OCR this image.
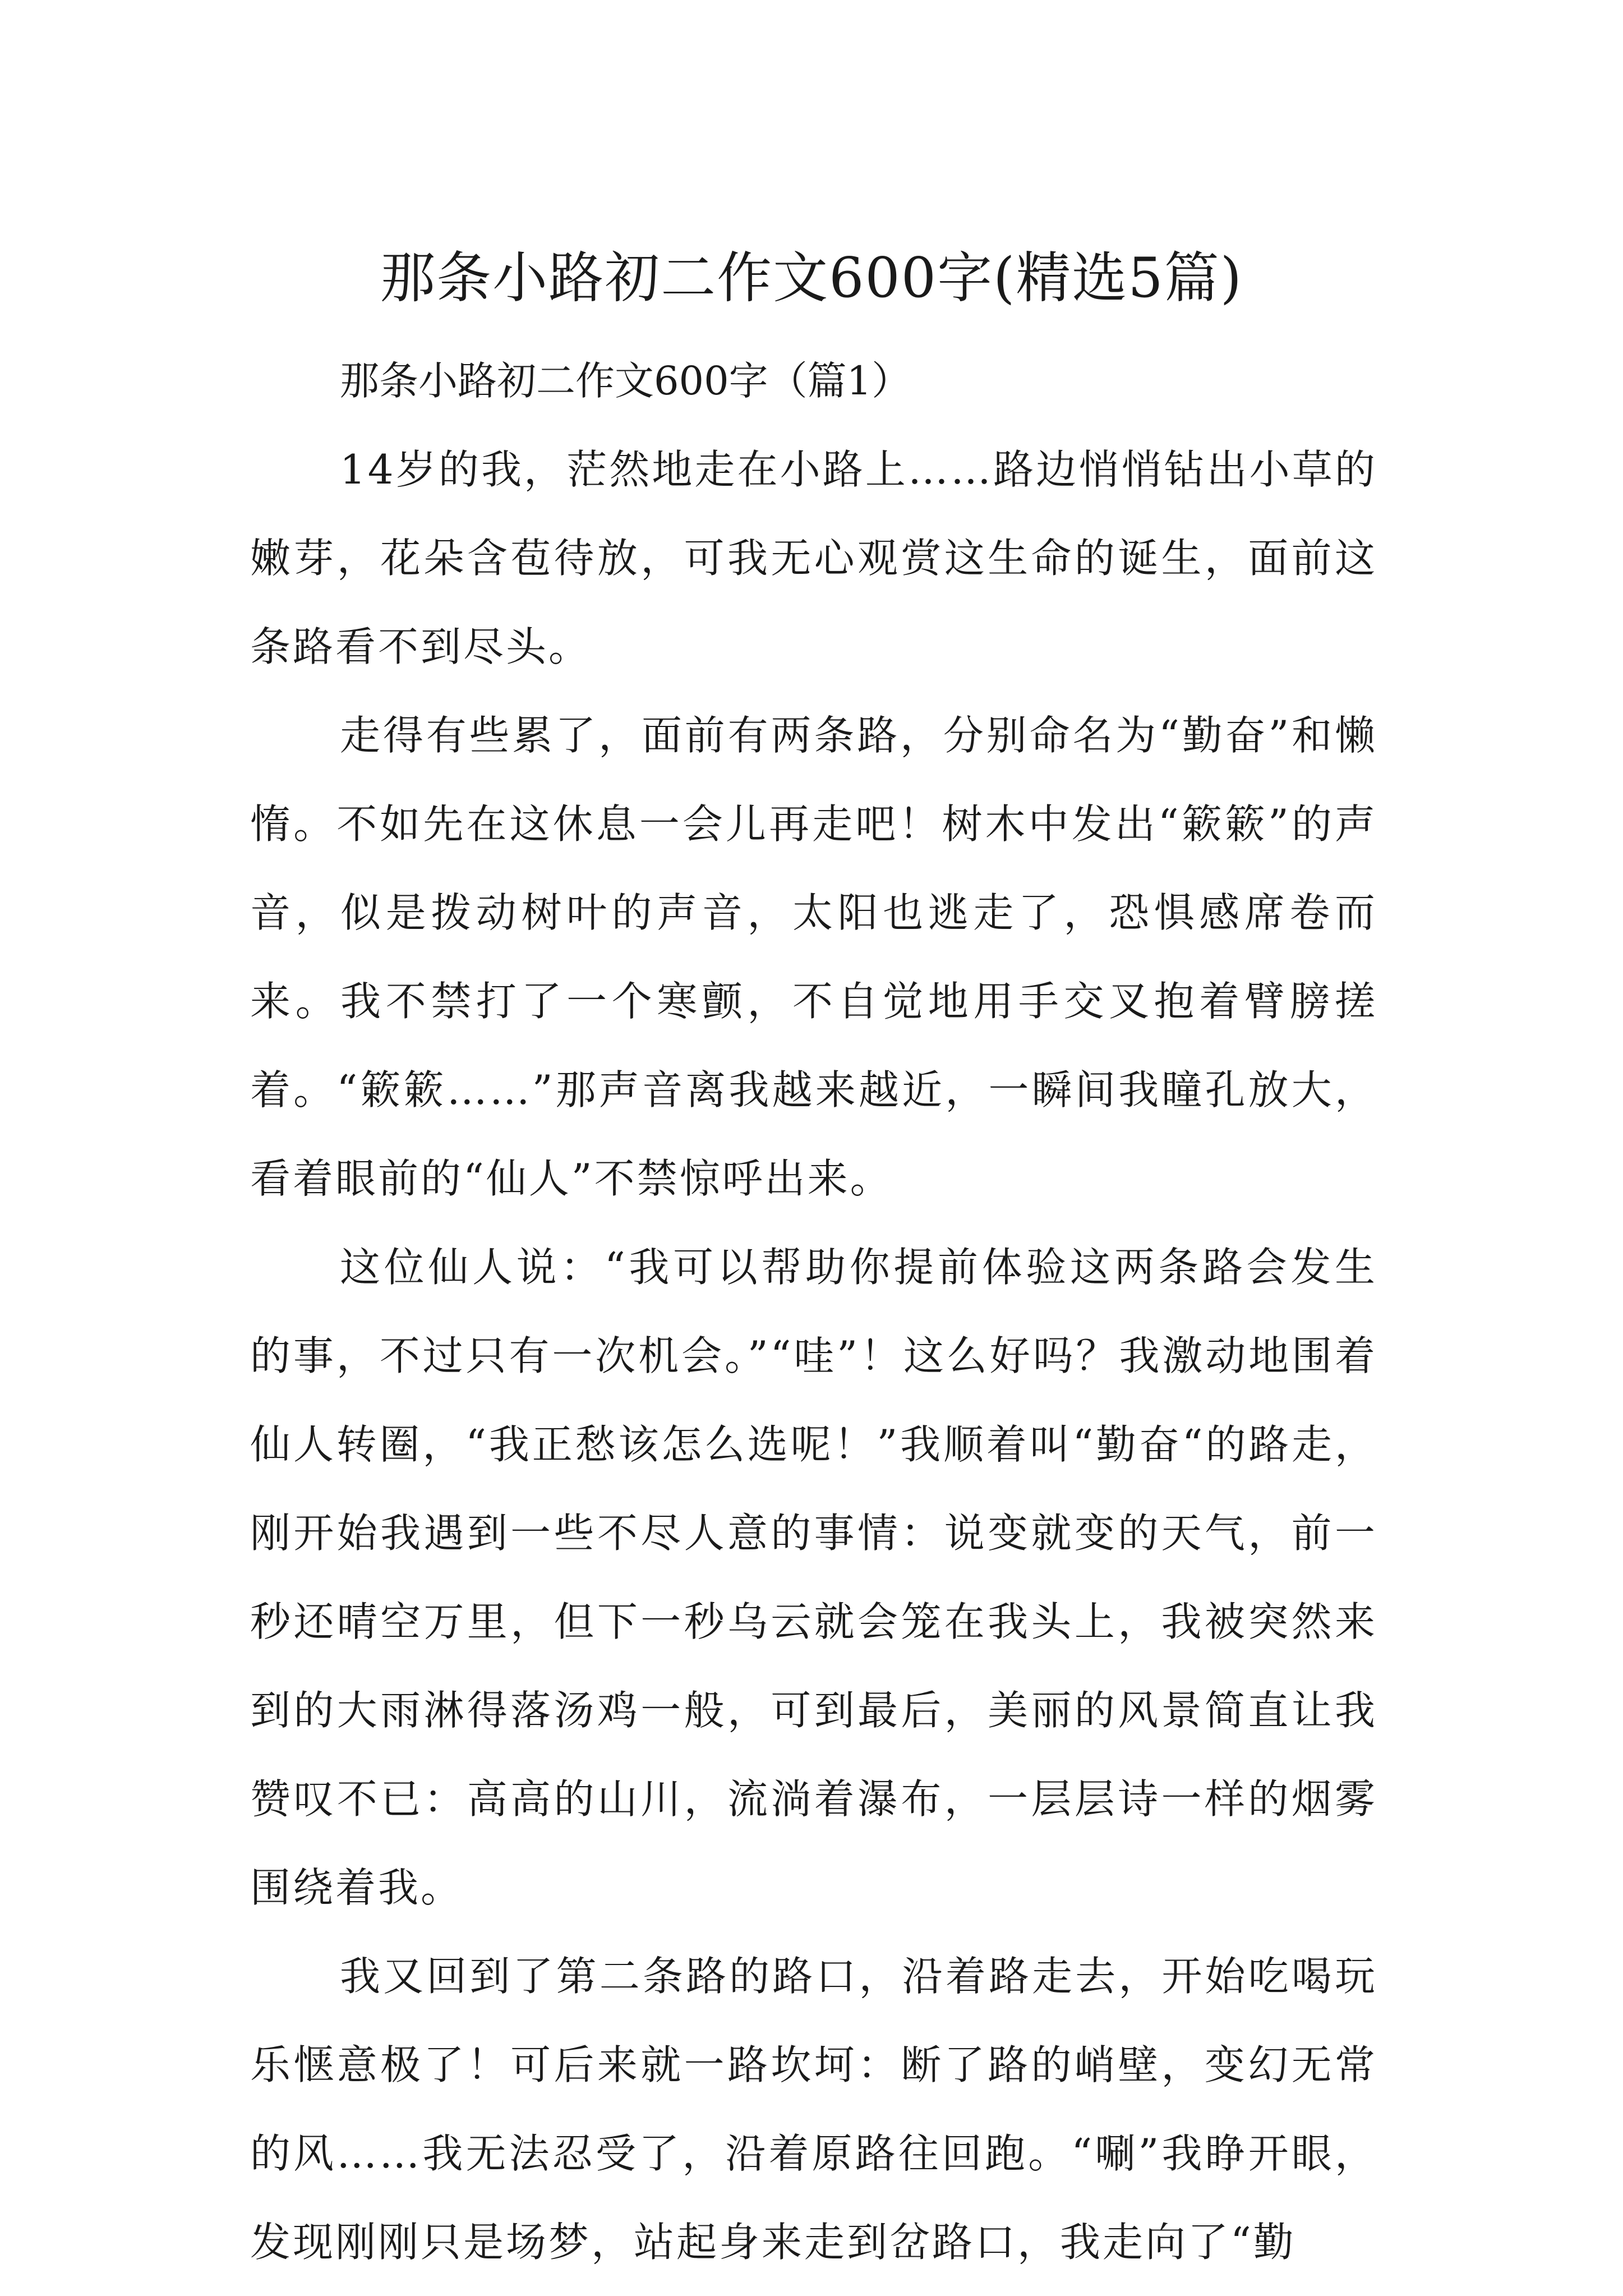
那条小路初二作文600字(精选5篇)

那条小路初二作文600字（篇1）

14岁的我，茫然地走在小路上……路边悄悄钻出小草的嫩芽，花朵含苞待放，可我无心观赏这生命的诞生，面前这条路看不到尽头。

走得有些累了，面前有两条路，分别命名为“勤奋”和懒惰。不如先在这休息一会儿再走吧！树木中发出“簌簌”的声音，似是拨动树叶的声音，太阳也逃走了，恐惧感席卷而来。我不禁打了一个寒颤，不自觉地用手交叉抱着臂膀搓着。“簌簌……”那声音离我越来越近，一瞬间我瞳孔放大，看着眼前的“仙人”不禁惊呼出来。

这位仙人说：“我可以帮助你提前体验这两条路会发生的事，不过只有一次机会。”“哇”！这么好吗？我激动地围着仙人转圈，“我正愁该怎么选呢！”我顺着叫“勤奋“的路走，刚开始我遇到一些不尽人意的事情：说变就变的天气，前一秒还晴空万里，但下一秒乌云就会笼在我头上，我被突然来到的大雨淋得落汤鸡一般，可到最后，美丽的风景简直让我赞叹不已：高高的山川，流淌着瀑布，一层层诗一样的烟雾围绕着我。

我又回到了第二条路的路口，沿着路走去，开始吃喝玩乐惬意极了！可后来就一路坎坷：断了路的峭壁，变幻无常的风……我无法忍受了，沿着原路往回跑。“唰”我睁开眼，发现刚刚只是场梦，站起身来走到岔路口，我走向了“勤
